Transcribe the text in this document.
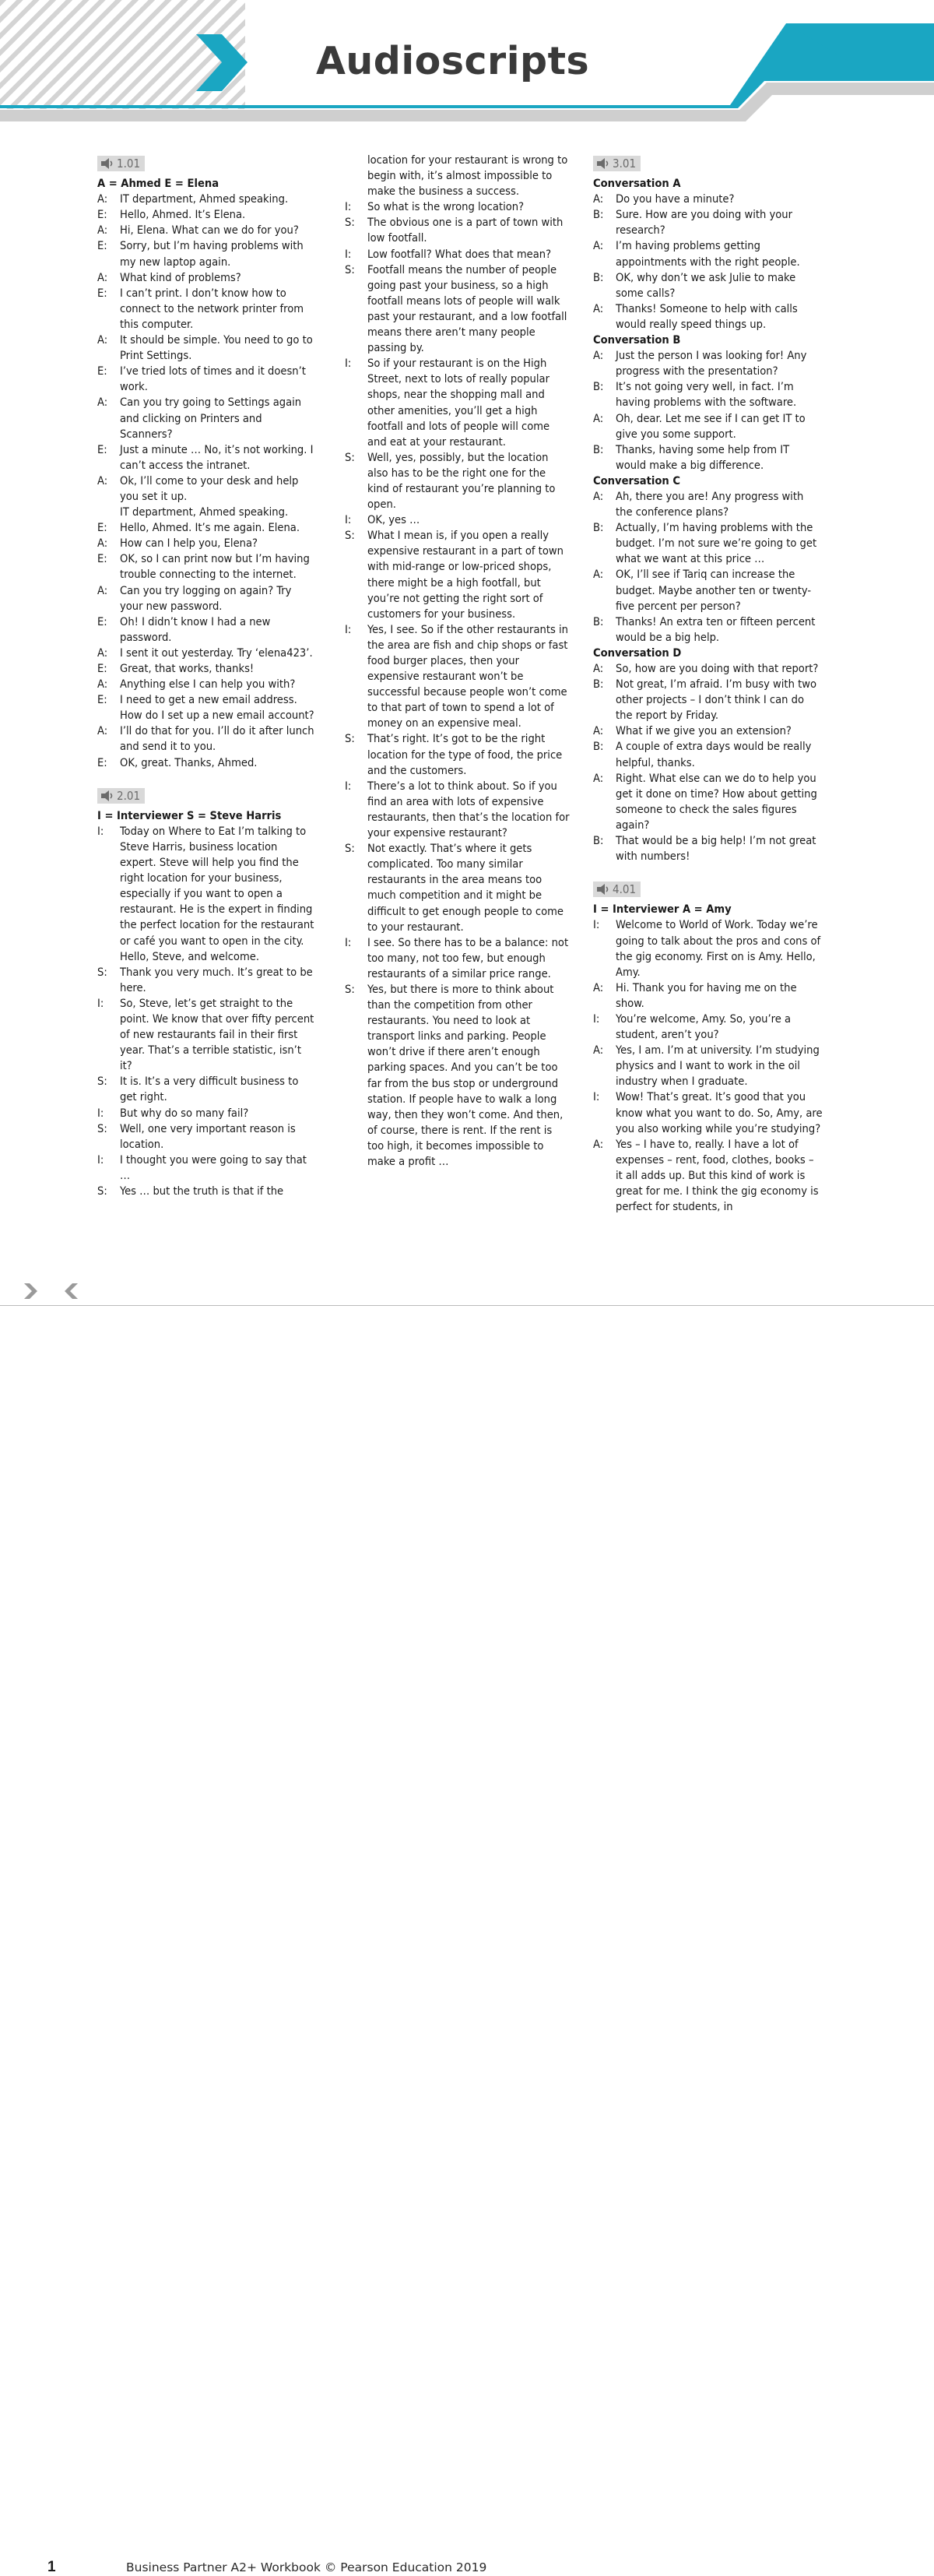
Audioscripts
1.01
A = Ahmed E = Elena
A:	IT department, Ahmed speaking.
E:	Hello, Ahmed. It’s Elena.
A:	Hi, Elena. What can we do for you?
E:	Sorry, but I’m having problems with my new laptop again.
A:	What kind of problems?
E:	I can’t print. I don’t know how to connect to the network printer from this computer.
A:	It should be simple. You need to go to Print Settings.
E:	I’ve tried lots of times and it doesn’t work.
A:	Can you try going to Settings again and clicking on Printers and Scanners?
E:	Just a minute … No, it’s not working. I can’t access the intranet.
A:	Ok, I’ll come to your desk and help you set it up.
IT department, Ahmed speaking.
E:	Hello, Ahmed. It’s me again. Elena.
A:	How can I help you, Elena?
E:	OK, so I can print now but I’m having trouble connecting to the internet.
A:	Can you try logging on again? Try your new password.
E:	Oh! I didn’t know I had a new password.
A:	I sent it out yesterday. Try ‘elena423’.
E:	Great, that works, thanks!
A:	Anything else I can help you with?
E:	I need to get a new email address. How do I set up a new email account?
A:	I’ll do that for you. I’ll do it after lunch and send it to you.
E:	OK, great. Thanks, Ahmed.
2.01
I = Interviewer S = Steve Harris
I:	Today on Where to Eat I’m talking to Steve Harris, business location expert. Steve will help you find the right location for your business, especially if you want to open a restaurant. He is the expert in finding the perfect location for the restaurant or café you want to open in the city. Hello, Steve, and welcome.
S:	Thank you very much. It’s great to be here.
I:	So, Steve, let’s get straight to the point. We know that over fifty percent of new restaurants fail in their first year. That’s a terrible statistic, isn’t it?
S:	It is. It’s a very difficult business to get right.
I:	But why do so many fail?
S:	Well, one very important reason is location.
I:	I thought you were going to say that …
S:	Yes … but the truth is that if the
location for your restaurant is wrong to begin with, it’s almost impossible to make the business a success.
I:	So what is the wrong location?
S:	The obvious one is a part of town with low footfall.
I:	Low footfall? What does that mean?
S:	Footfall means the number of people going past your business, so a high footfall means lots of people will walk past your restaurant, and a low footfall means there aren’t many people passing by.
I:	So if your restaurant is on the High Street, next to lots of really popular shops, near the shopping mall and other amenities, you’ll get a high footfall and lots of people will come and eat at your restaurant.
S:	Well, yes, possibly, but the location also has to be the right one for the kind of restaurant you’re planning to open.
I:	OK, yes …
S:	What I mean is, if you open a really expensive restaurant in a part of town with mid-range or low-priced shops, there might be a high footfall, but you’re not getting the right sort of customers for your business.
I:	Yes, I see. So if the other restaurants in the area are fish and chip shops or fast food burger places, then your expensive restaurant won’t be successful because people won’t come to that part of town to spend a lot of money on an expensive meal.
S:	That’s right. It’s got to be the right location for the type of food, the price and the customers.
I:	There’s a lot to think about. So if you find an area with lots of expensive restaurants, then that’s the location for your expensive restaurant?
S:	Not exactly. That’s where it gets complicated. Too many similar restaurants in the area means too much competition and it might be difficult to get enough people to come to your restaurant.
I:	I see. So there has to be a balance: not too many, not too few, but enough restaurants of a similar price range.
S:	Yes, but there is more to think about than the competition from other restaurants. You need to look at transport links and parking. People won’t drive if there aren’t enough parking spaces. And you can’t be too far from the bus stop or underground station. If people have to walk a long way, then they won’t come. And then, of course, there is rent. If the rent is too high, it becomes impossible to make a profit …
3.01
Conversation A
A:	Do you have a minute?
B:	Sure. How are you doing with your research?
A:	I’m having problems getting appointments with the right people.
B:	OK, why don’t we ask Julie to make some calls?
A:	Thanks! Someone to help with calls would really speed things up.
Conversation B
A:	Just the person I was looking for! Any progress with the presentation?
B:	It’s not going very well, in fact. I’m having problems with the software.
A:	Oh, dear. Let me see if I can get IT to give you some support.
B:	Thanks, having some help from IT would make a big difference.
Conversation C
A:	Ah, there you are! Any progress with the conference plans?
B:	Actually, I’m having problems with the budget. I’m not sure we’re going to get what we want at this price …
A:	OK, I’ll see if Tariq can increase the budget. Maybe another ten or twenty-five percent per person?
B:	Thanks! An extra ten or fifteen percent would be a big help.
Conversation D
A:	So, how are you doing with that report?
B:	Not great, I’m afraid. I’m busy with two other projects – I don’t think I can do the report by Friday.
A:	What if we give you an extension?
B:	A couple of extra days would be really helpful, thanks.
A:	Right. What else can we do to help you get it done on time? How about getting someone to check the sales figures again?
B:	That would be a big help! I’m not great with numbers!
4.01
I = Interviewer A = Amy
I:	Welcome to World of Work. Today we’re going to talk about the pros and cons of the gig economy. First on is Amy. Hello, Amy.
A:	Hi. Thank you for having me on the show.
I:	You’re welcome, Amy. So, you’re a student, aren’t you?
A:	Yes, I am. I’m at university. I’m studying physics and I want to work in the oil industry when I graduate.
I:	Wow! That’s great. It’s good that you know what you want to do. So, Amy, are you also working while you’re studying?
A:	Yes – I have to, really. I have a lot of expenses – rent, food, clothes, books – it all adds up. But this kind of work is great for me. I think the gig economy is perfect for students, in
1	Business Partner A2+ Workbook © Pearson Education 2019
